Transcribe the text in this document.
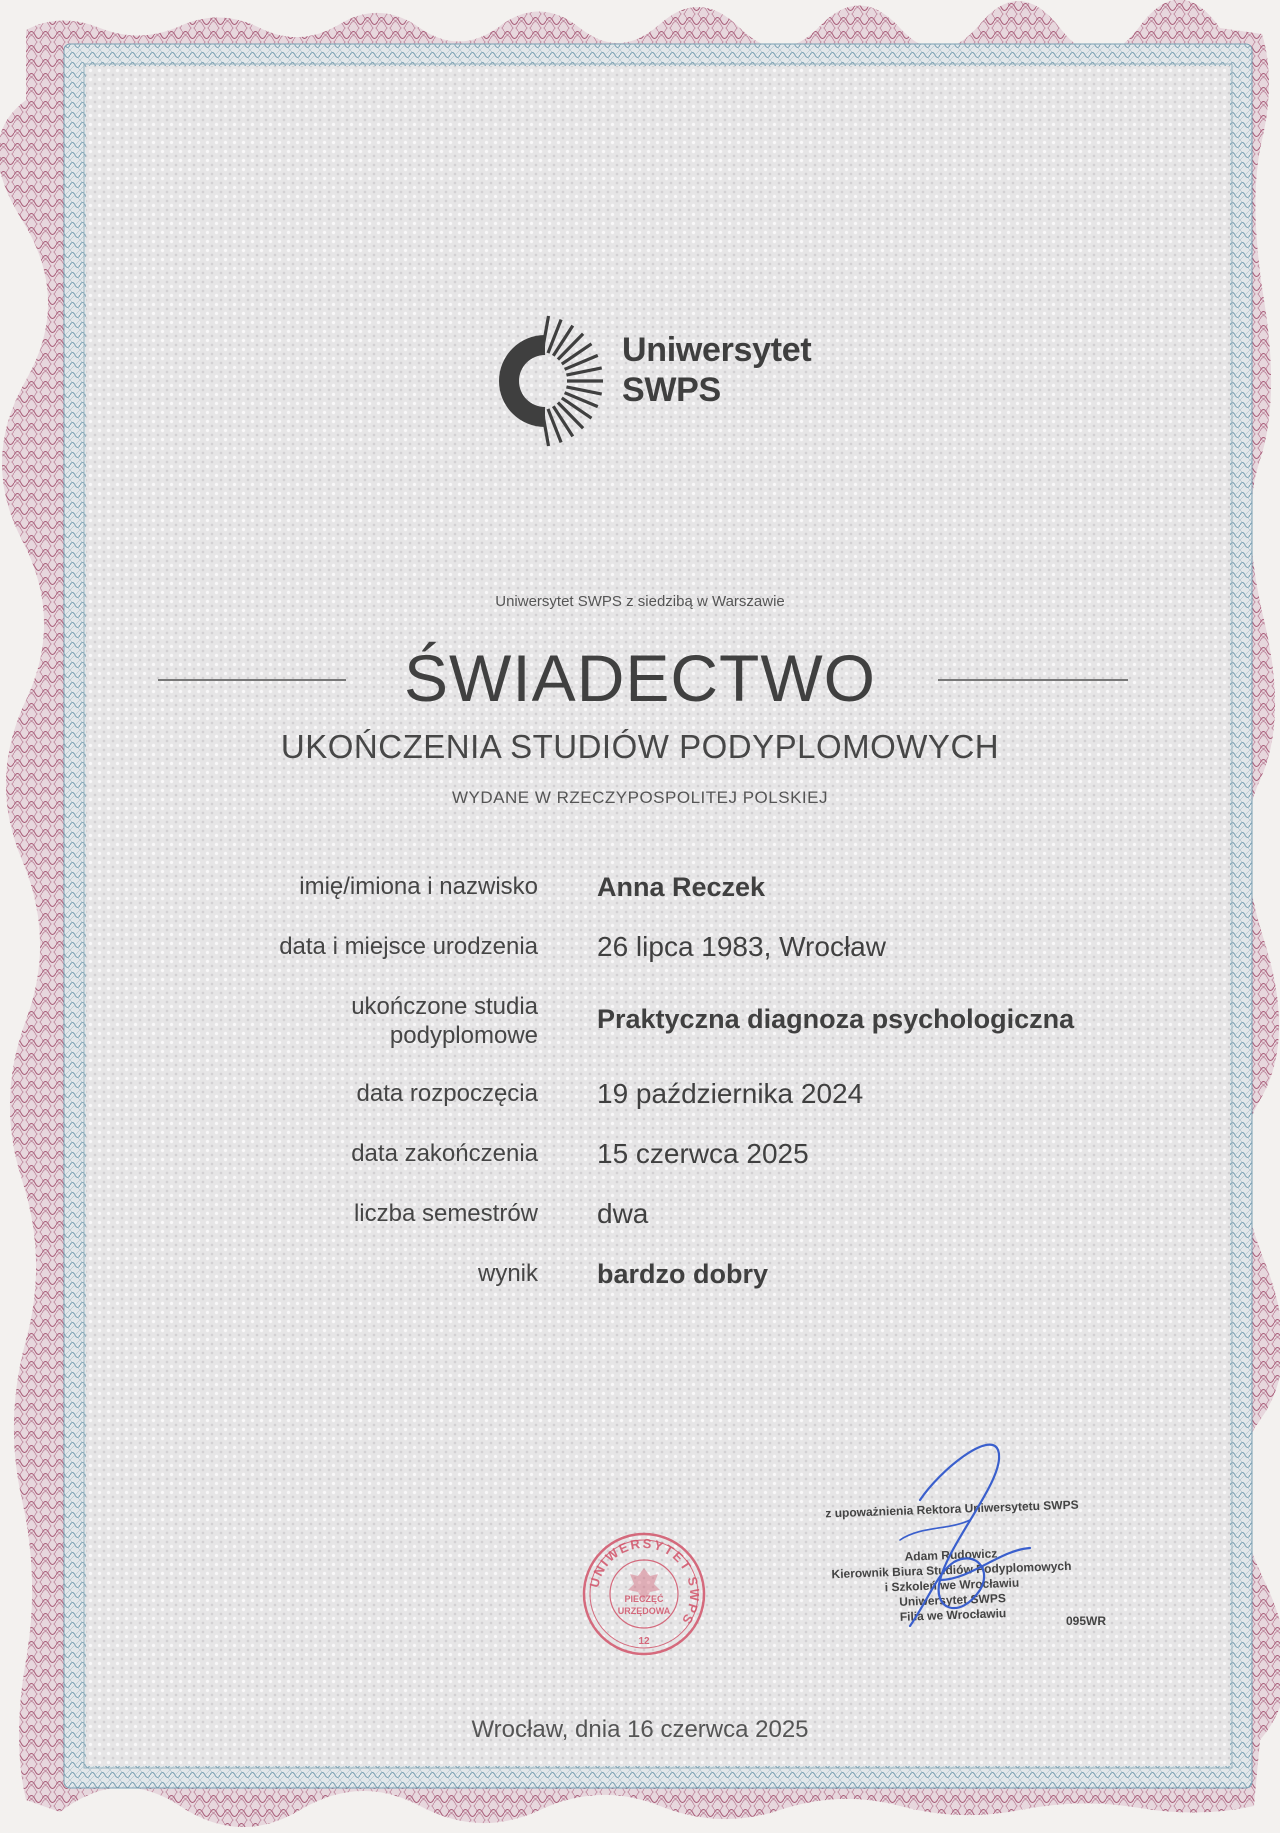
Uniwersytet
SWPS
Uniwersytet SWPS z siedzibą w Warszawie
ŚWIADECTWO
UKOŃCZENIA STUDIÓW PODYPLOMOWYCH
WYDANE W RZECZYPOSPOLITEJ POLSKIEJ
imię/imiona i nazwisko Anna Reczek
data i miejsce urodzenia 26 lipca 1983, Wrocław
ukończone studia
podyplomowe
Praktyczna diagnoza psychologiczna
data rozpoczęcia 19 października 2024
data zakończenia 15 czerwca 2025
liczba semestrów dwa
wynik bardzo dobry
UNIWERSYTET SWPS
PIECZĘĆ
URZĘDOWA
12
z upoważnienia Rektora Uniwersytetu SWPS
Adam Rudowicz
Kierownik Biura Studiów Podyplomowych
i Szkoleń we Wrocławiu
Uniwersytet SWPS
Filia we Wrocławiu	095WR
Wrocław, dnia 16 czerwca 2025
